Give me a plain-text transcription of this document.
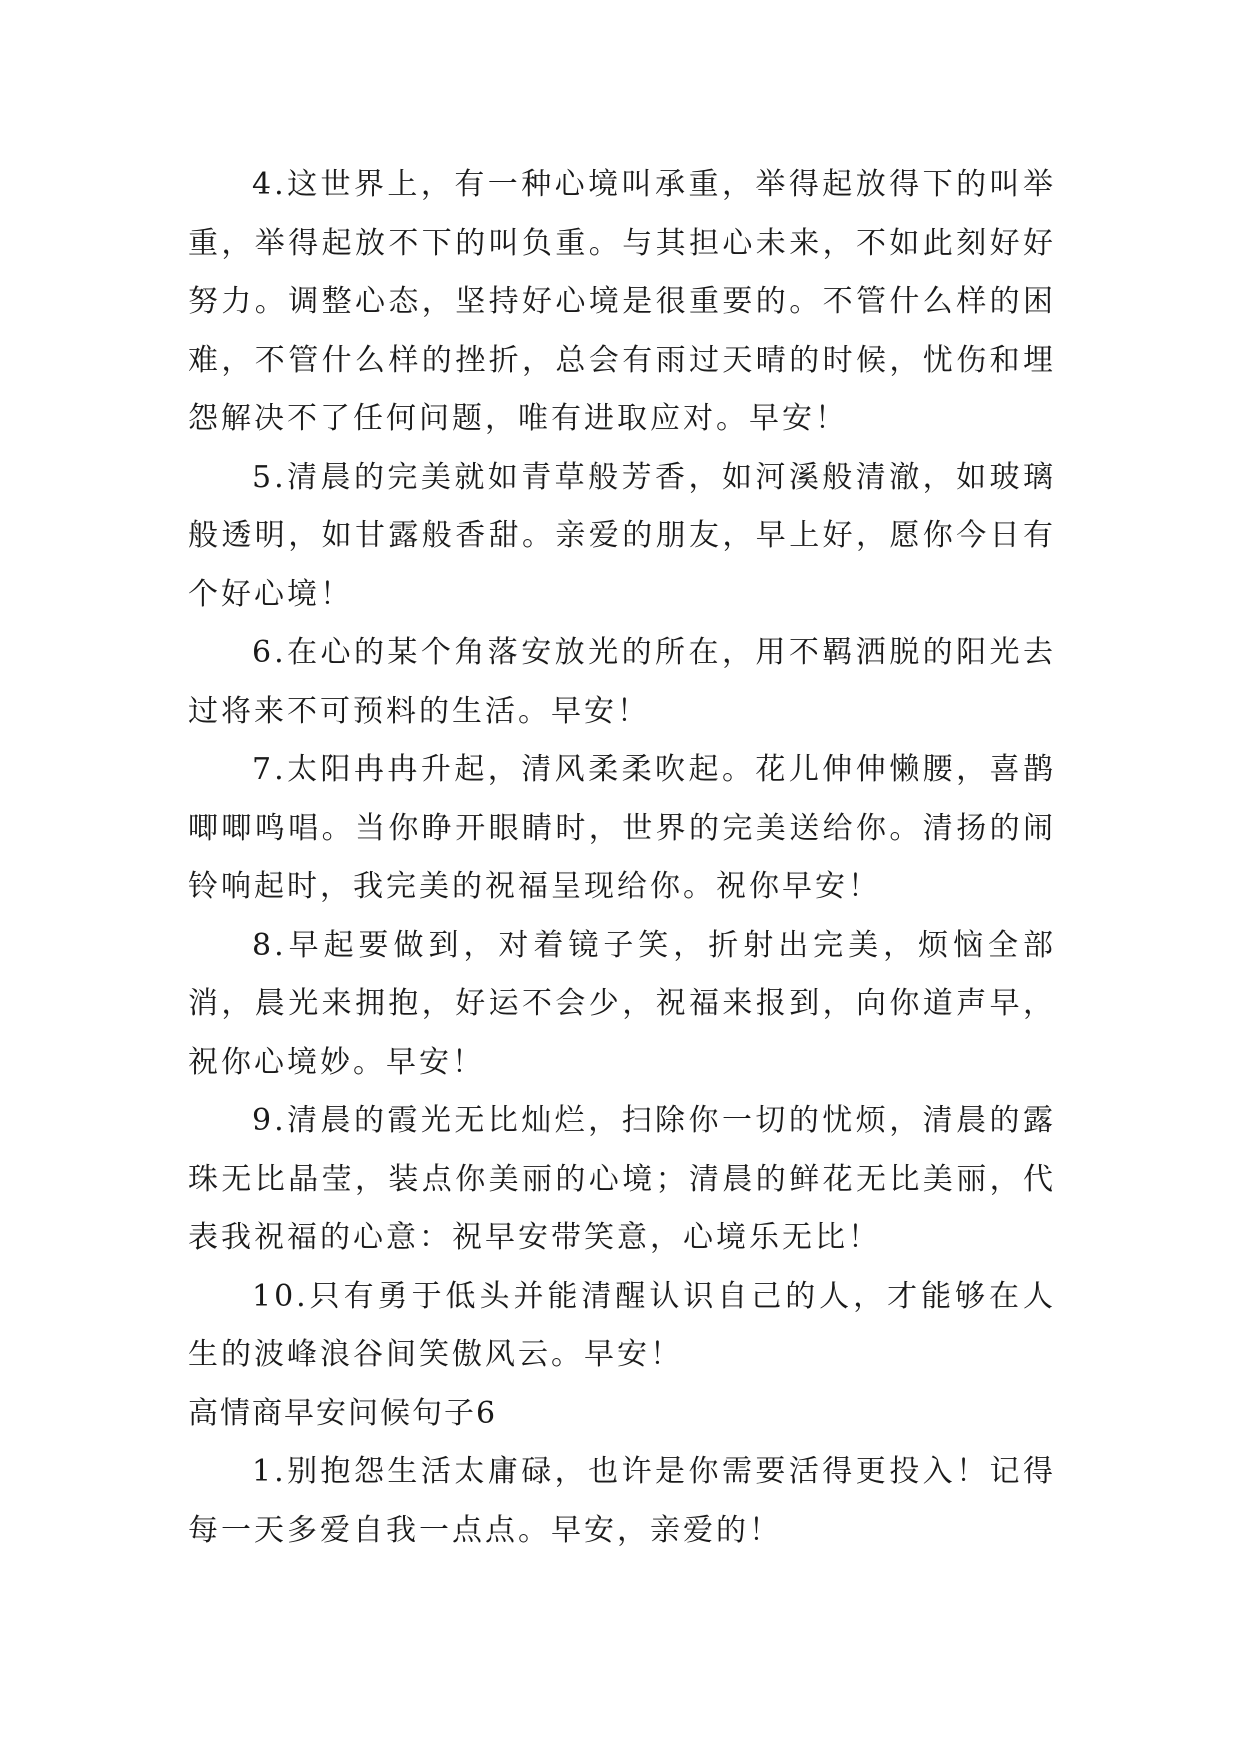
4.这世界上，有一种心境叫承重，举得起放得下的叫举重，举得起放不下的叫负重。与其担心未来，不如此刻好好努力。调整心态，坚持好心境是很重要的。不管什么样的困难，不管什么样的挫折，总会有雨过天晴的时候，忧伤和埋怨解决不了任何问题，唯有进取应对。早安！

5.清晨的完美就如青草般芳香，如河溪般清澈，如玻璃般透明，如甘露般香甜。亲爱的朋友，早上好，愿你今日有个好心境！

6.在心的某个角落安放光的所在，用不羁洒脱的阳光去过将来不可预料的生活。早安！

7.太阳冉冉升起，清风柔柔吹起。花儿伸伸懒腰，喜鹊唧唧鸣唱。当你睁开眼睛时，世界的完美送给你。清扬的闹铃响起时，我完美的祝福呈现给你。祝你早安！

8.早起要做到，对着镜子笑，折射出完美，烦恼全部消，晨光来拥抱，好运不会少，祝福来报到，向你道声早，祝你心境妙。早安！

9.清晨的霞光无比灿烂，扫除你一切的忧烦，清晨的露珠无比晶莹，装点你美丽的心境；清晨的鲜花无比美丽，代表我祝福的心意：祝早安带笑意，心境乐无比！

10.只有勇于低头并能清醒认识自己的人，才能够在人生的波峰浪谷间笑傲风云。早安！

高情商早安问候句子6

1.别抱怨生活太庸碌，也许是你需要活得更投入！记得每一天多爱自我一点点。早安，亲爱的！
